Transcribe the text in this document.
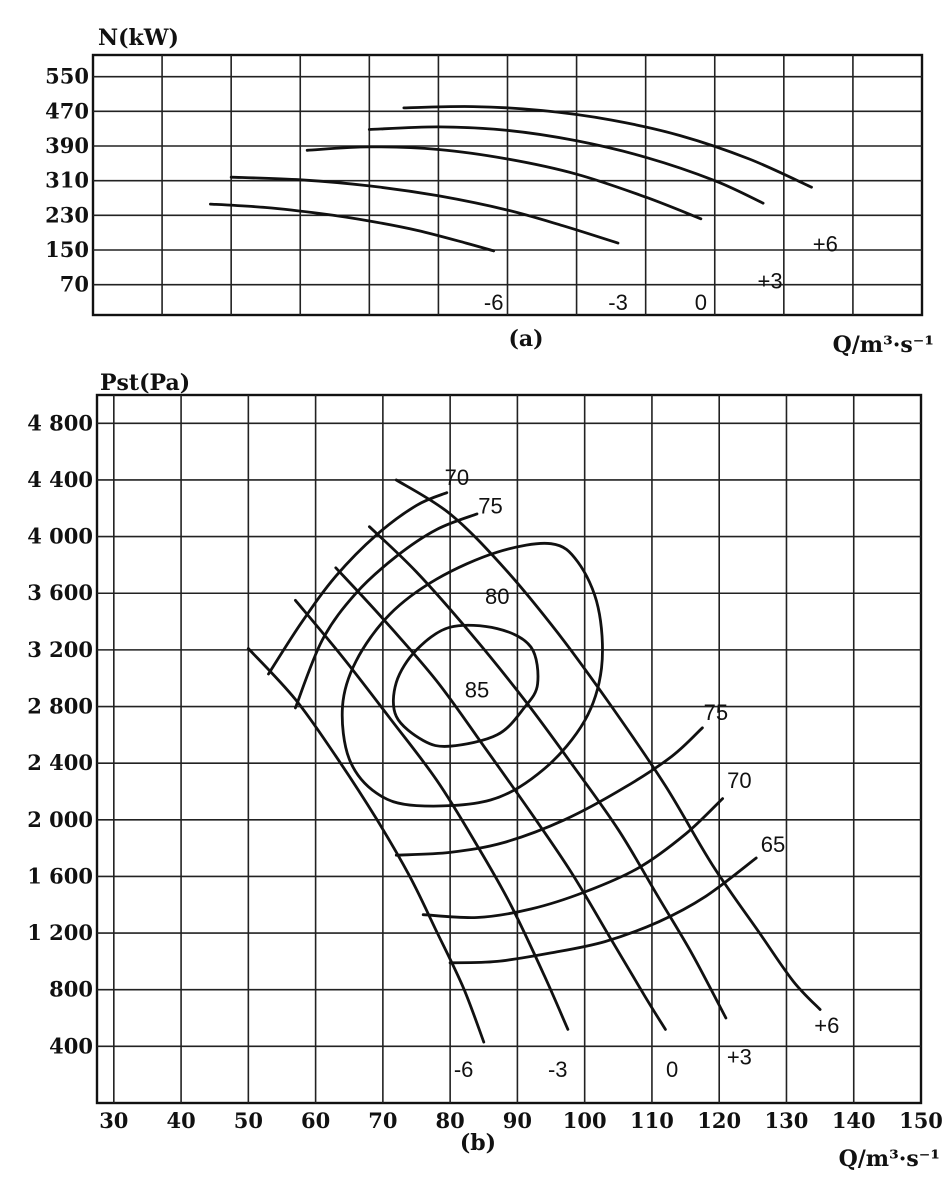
550
470
390
310
230
150
70
-6	-3	0
+3
+6
N(kW)
(a)	Q/m³·s⁻¹
30 40 50 60 70 80 90 100 110 120 130 140 150
4 800
4 400
4 000
3 600
3 200
2 800
2 400
2 000
1 600
1 200
800
400
-6	-3	0
+3
+6
65
70
70
75
75
80
85
Pst(Pa)
(b)
Q/m³·s⁻¹
